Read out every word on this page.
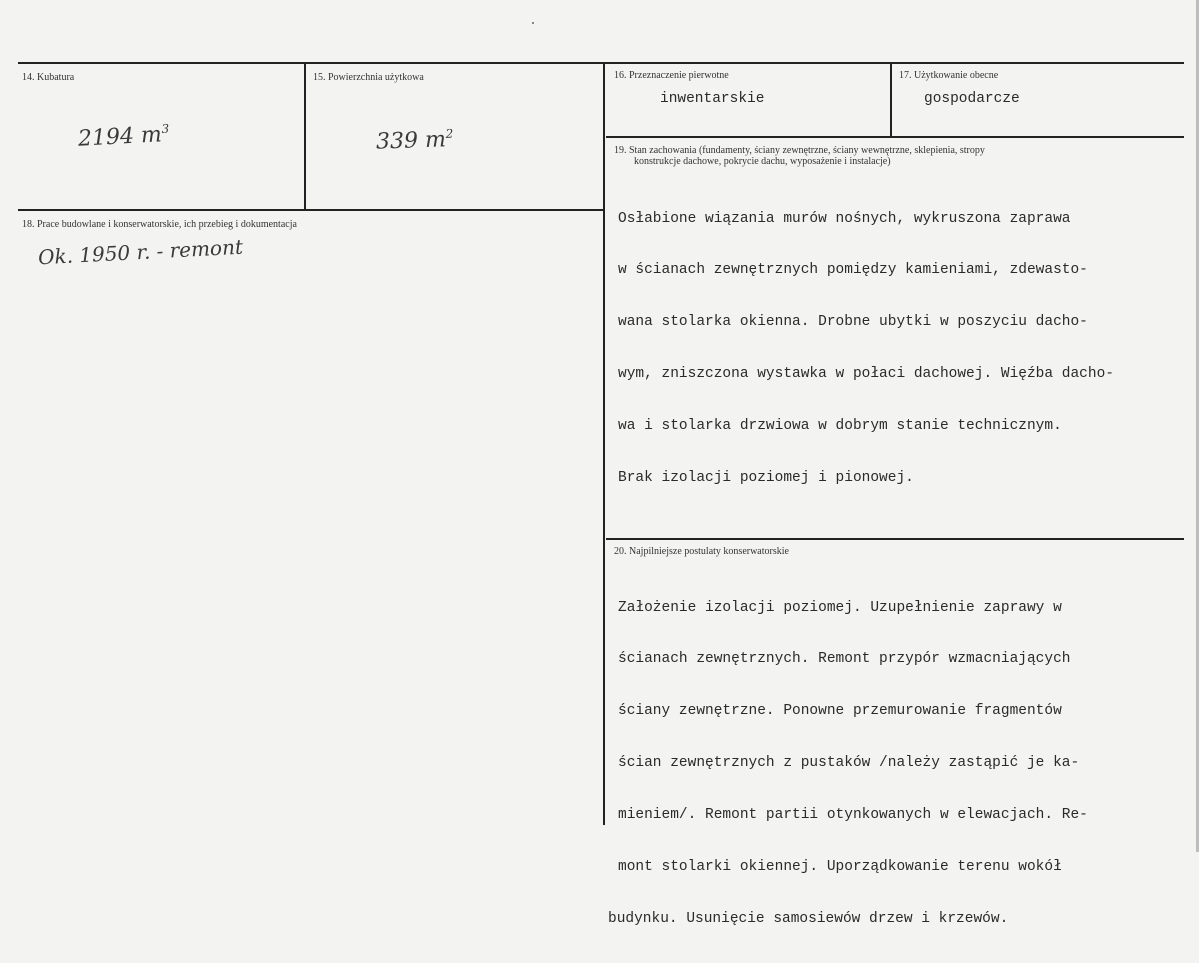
14. Kubatura
2194 $m^3$
15. Powierzchnia użytkowa
339 $m^2$
16. Przeznaczenie pierwotne
inwentarskie
17. Użytkowanie obecne
gospodarcze
18. Prace budowlane i konserwatorskie, ich przebieg i dokumentacja
Ok. 1950 r. - remont
19. Stan zachowania (fundamenty, ściany zewnętrzne, ściany wewnętrzne, sklepienia, stropy
konstrukcje dachowe, pokrycie dachu, wyposażenie i instalacje)

Osłabione wiązania murów nośnych, wykruszona zaprawa

w ścianach zewnętrznych pomiędzy kamieniami, zdewasto-

wana stolarka okienna. Drobne ubytki w poszyciu dacho-

wym, zniszczona wystawka w połaci dachowej. Więźba dacho-

wa i stolarka drzwiowa w dobrym stanie technicznym.

Brak izolacji poziomej i pionowej.

20. Najpilniejsze postulaty konserwatorskie

Założenie izolacji poziomej. Uzupełnienie zaprawy w

ścianach zewnętrznych. Remont przypór wzmacniających

ściany zewnętrzne. Ponowne przemurowanie fragmentów

ścian zewnętrznych z pustaków /należy zastąpić je ka-

mieniem/. Remont partii otynkowanych w elewacjach. Re-

mont stolarki okiennej. Uporządkowanie terenu wokół

budynku. Usunięcie samosiewów drzew i krzewów.
